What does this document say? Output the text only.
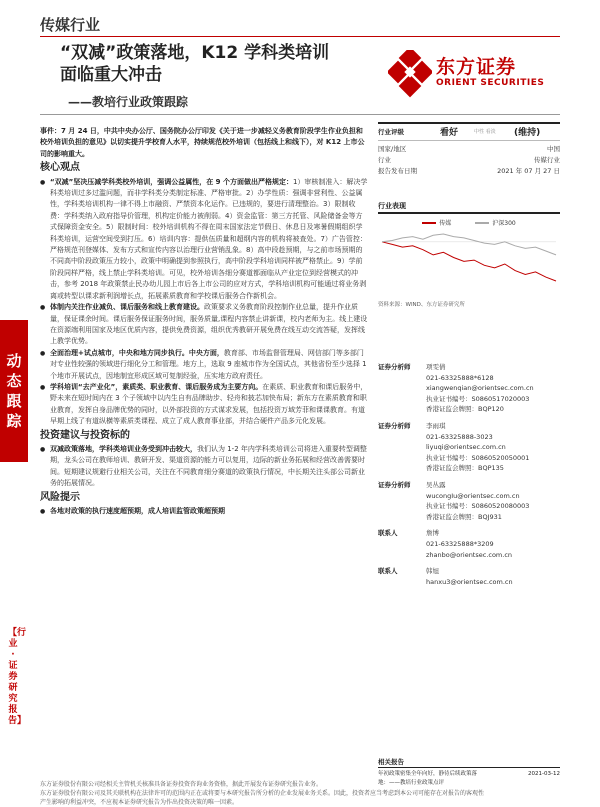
传媒行业
“双减”政策落地，K12 学科类培训
面临重大冲击
——教培行业政策跟踪
东方证券
ORIENT SECURITIES
动
态
跟
踪
【行业·证券研究报告】

事件：7 月 24 日，中共中央办公厅、国务院办公厅印发《关于进一步减轻义务教育阶段学生作业负担和校外培训负担的意见》以切实提升学校育人水平，持续规范校外培训（包括线上和线下），对 K12 上市公司的影响重大。

核心观点

● “双减”坚决压减学科类校外培训，强调公益属性，在 9 个方面做出严格规定：1）审核制准入：解决学科类培训过多过滥问题，而非学科类分类制定标准、严格审批。2）办学性质：强调非营利性、公益属性，学科类培训机构一律不得上市融资、严禁资本化运作。已违规的，要进行清理整治。3）限制收费：学科类纳入政府指导价管理，机构定价能力被削弱。4）资金监管：第三方托管、风险储备金等方式保障资金安全。5）限制时间：校外培训机构不得在周末国家法定节假日、休息日及寒暑假期组织学科类培训，运营空间受到打压。6）培训内容：提供伍质量和超纲内容的机构将被查处。7）广告管控：严格规范刊登媒体、发布方式和宣传内容以治理行业营销乱象。8）高中段趁预期，与之前市场预期的不同高中阶段政策压力较小，政策中明确提到参照执行，高中阶段学科培训同样被严格禁止。9）学前阶段同样严格，线上禁止学科类培训。可见，校外培训各细分赛道都面临从产业定位到经营模式的冲击，参考 2018 年政策禁止民办幼儿园上市后各上市公司的应对方式，学科培训机构可能通过将业务剥离或转型以课求新利润增长点，拓展素质教育和学校课后服务合作新机会。

● 体制内关注作业减负、课后服务和线上教育建设。政策要求义务教育阶段控制作业总量，提升作业质量，保证课余时间。课后服务保证服务时间，服务质量,课程内容禁止讲新课，校内老师为主。线上建设在资源端利用国家及地区优质内容，提供免费资源，组织优秀教研开展免费在线互动交流答疑，发挥线上教学优势。

● 全面治理+试点城市，中央和地方同步执行。中央方面，教育部、市场监督管理局、网信部门等多部门对专业性较强的领域进行细化分工和管理。地方上，选取 9 座城市作为全国试点，其他省份至少选择 1 个地市开展试点，因地制宜形成区域可复制经验，压实地方政府责任。

● 学科培训“去产业化”，素质类、职业教育、课后服务成为主要方向。在素质、职业教育和课后服务中，野未来在短时间内在 3 个子领域中以内生自有品牌助步、轻舟和披芯加快布局；新东方在素质教育和职业教育，发挥自身品牌优势的同时，以外部投资的方式谋求发展，包括投资万域芳菲和课课教育。有道早期上线了有道纵横等素质类课程、成立了成人教育事业部，并结合硬件产品多元化发展。

投资建议与投资标的

● 双减政策落地，学科类培训业务受到冲击较大，我们认为 1-2 年内学科类培训公司将进入重要转型调整期，龙头公司在教师培训、教研开发、渠道资源的能力可以复用，边际的新业务拓展和经营改善需要时间。短期建议规避行业相关公司，关注在不同教育细分赛道的政策执行情况，中长期关注头部公司新业务的拓展情况。

风险提示

● 各地对政策的执行速度超预期，成人培训监管政策超预期

行业评级	看好	中性 看淡	(维持)
国家/地区	中国
行业	传媒行业
报告发布日期	2021 年 07 月 27 日
行业表现
传媒	沪深300
资料来源：WIND、东方证券研究所
证券分析师	项雯倩
021-63325888*6128
xiangwenqian@orientsec.com.cn
执业证书编号：S0860517020003
香港证监会牌照：BQP120
证券分析师	李雨琪
021-63325888-3023
liyuqi@orientsec.com.cn
执业证书编号：S0860520050001
香港证监会牌照：BQP135
证券分析师	吴丛露
wucongIu@orientsec.com.cn
执业证书编号：S0860520080003
香港证监会牌照：BQJ931
联系人	詹博
021-63325888*3209
zhanbo@orientsec.com.cn
联系人	韩旭
hanxu3@orientsec.com.cn
相关报告
年初政策密集全年向好，静待后续政策落	2021-03-12
地：——教培行业政策点评
东方证券股份有限公司经相关主管机关核准具备证券投资咨询业务资格，据此开展发布证券研究报告业务。
东方证券股份有限公司及其关联机构在法律许可的范围内正在或将要与本研究报告所分析的企业发展业务关系。因此，投资者应当考虑到本公司可能存在对报告的客观性
产生影响的利益冲突，不应视本证券研究报告为作出投资决策的唯一因素。
